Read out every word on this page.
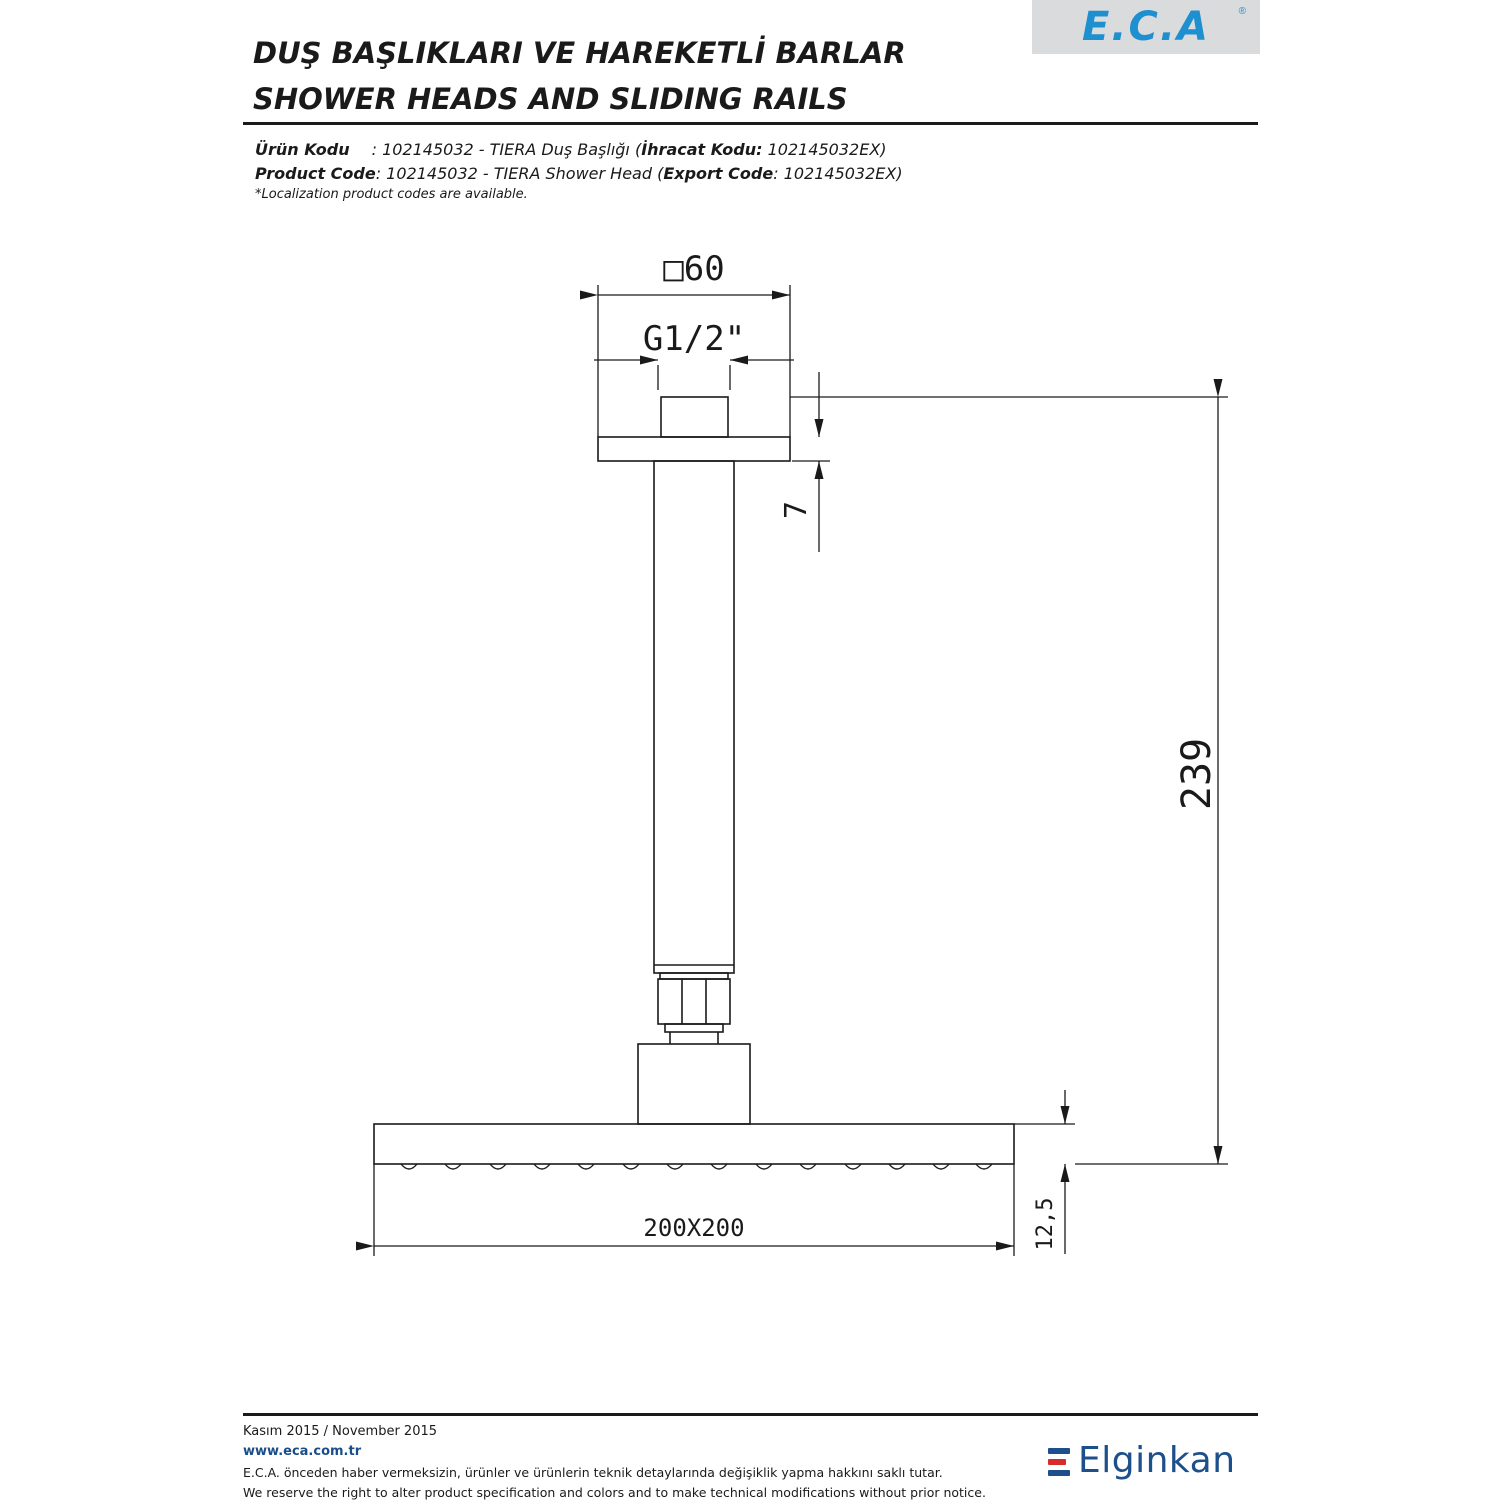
E.C.A	®
DUŞ BAŞLIKLARI VE HAREKETLİ BARLAR
SHOWER HEADS AND SLIDING RAILS
Ürün Kodu : 102145032 - TIERA Duş Başlığı (İhracat Kodu: 102145032EX)
Product Code: 102145032 - TIERA Shower Head (Export Code: 102145032EX)
*Localization product codes are available.
□60
G1/2"
7
239
200X200	12,5
Kasım 2015 / November 2015
www.eca.com.tr
E.C.A. önceden haber vermeksizin, ürünler ve ürünlerin teknik detaylarında değişiklik yapma hakkını saklı tutar.
We reserve the right to alter product specification and colors and to make technical modifications without prior notice.
Elginkan
